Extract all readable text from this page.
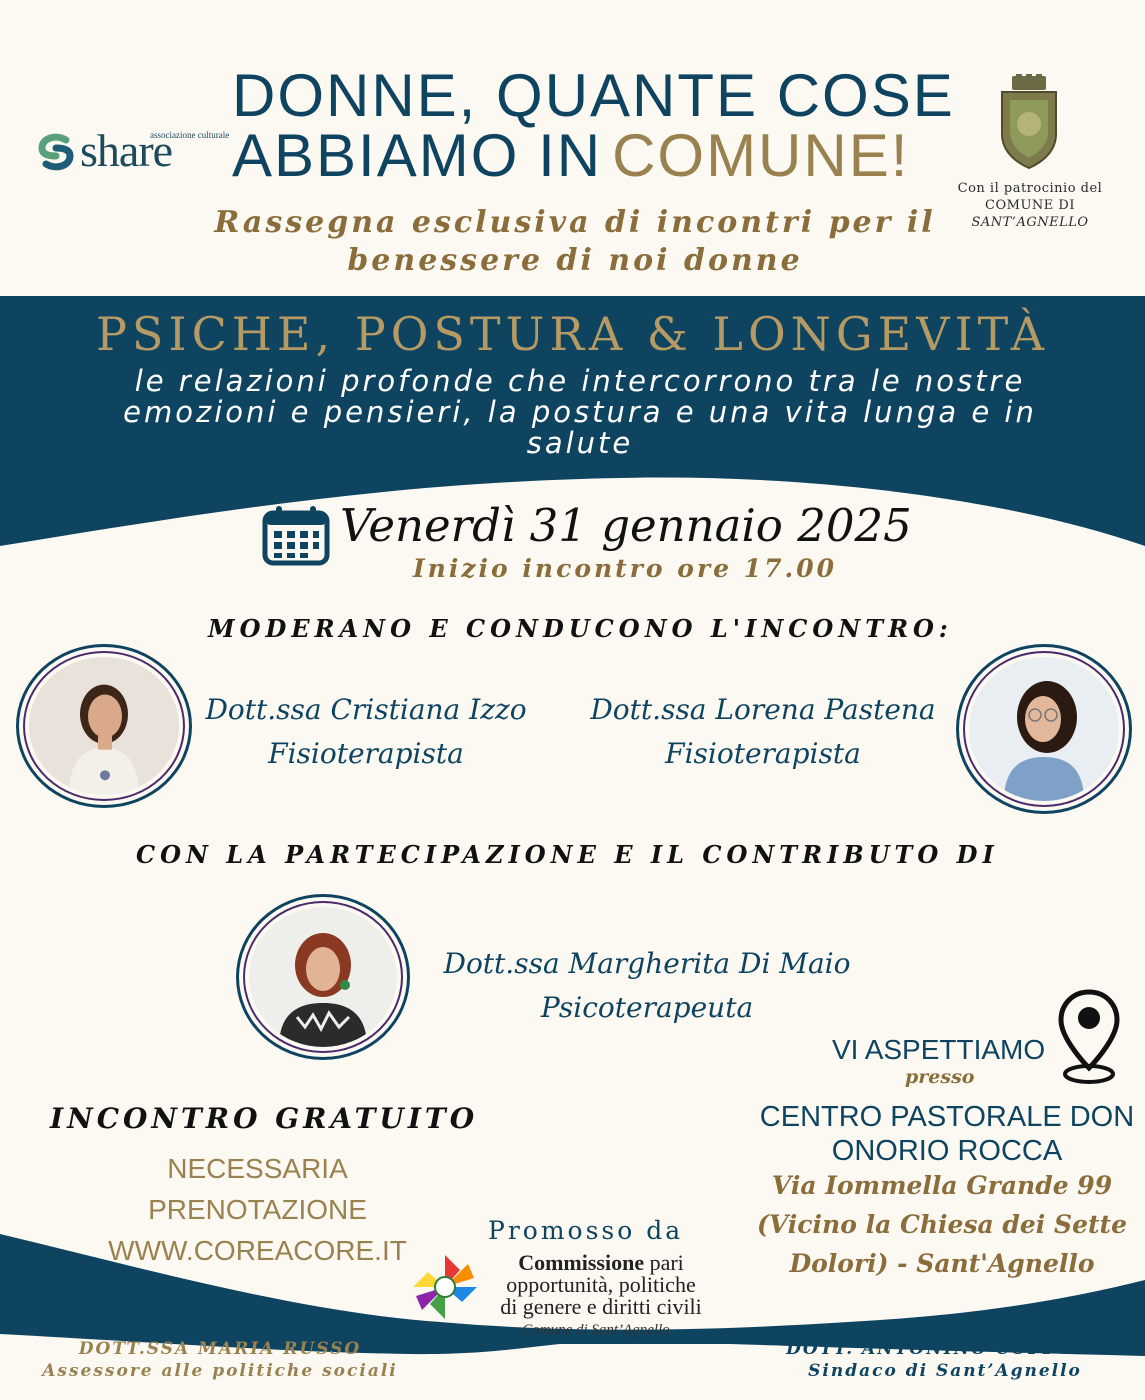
associazione culturale
share
DONNE, QUANTE COSE
ABBIAMO IN COMUNE!
Rassegna esclusiva di incontri per il benessere di noi donne
Con il patrocinio del
COMUNE DI
SANT’AGNELLO
PSICHE, POSTURA & LONGEVITÀ
le relazioni profonde che intercorrono tra le nostre emozioni e pensieri, la postura e una vita lunga e in salute
Venerdì 31 gennaio 2025
Inizio incontro ore 17.00
MODERANO E CONDUCONO L'INCONTRO:
Dott.ssa Cristiana Izzo
Fisioterapista
Dott.ssa Lorena Pastena
Fisioterapista
CON LA PARTECIPAZIONE E IL CONTRIBUTO DI
Dott.ssa Margherita Di Maio
Psicoterapeuta
VI ASPETTIAMO
presso
CENTRO PASTORALE DON
ONORIO ROCCA
Via Iommella Grande 99
(Vicino la Chiesa dei Sette
Dolori) - Sant'Agnello
INCONTRO GRATUITO
NECESSARIA
PRENOTAZIONE
WWW.COREACORE.IT
Promosso da
Commissione pari
opportunità, politiche
di genere e diritti civili
Comune di Sant’Agnello
DOTT.SSA MARIA RUSSO
Assessore alle politiche sociali
DOTT. ANTONINO COPPOLA
Sindaco di Sant’Agnello
